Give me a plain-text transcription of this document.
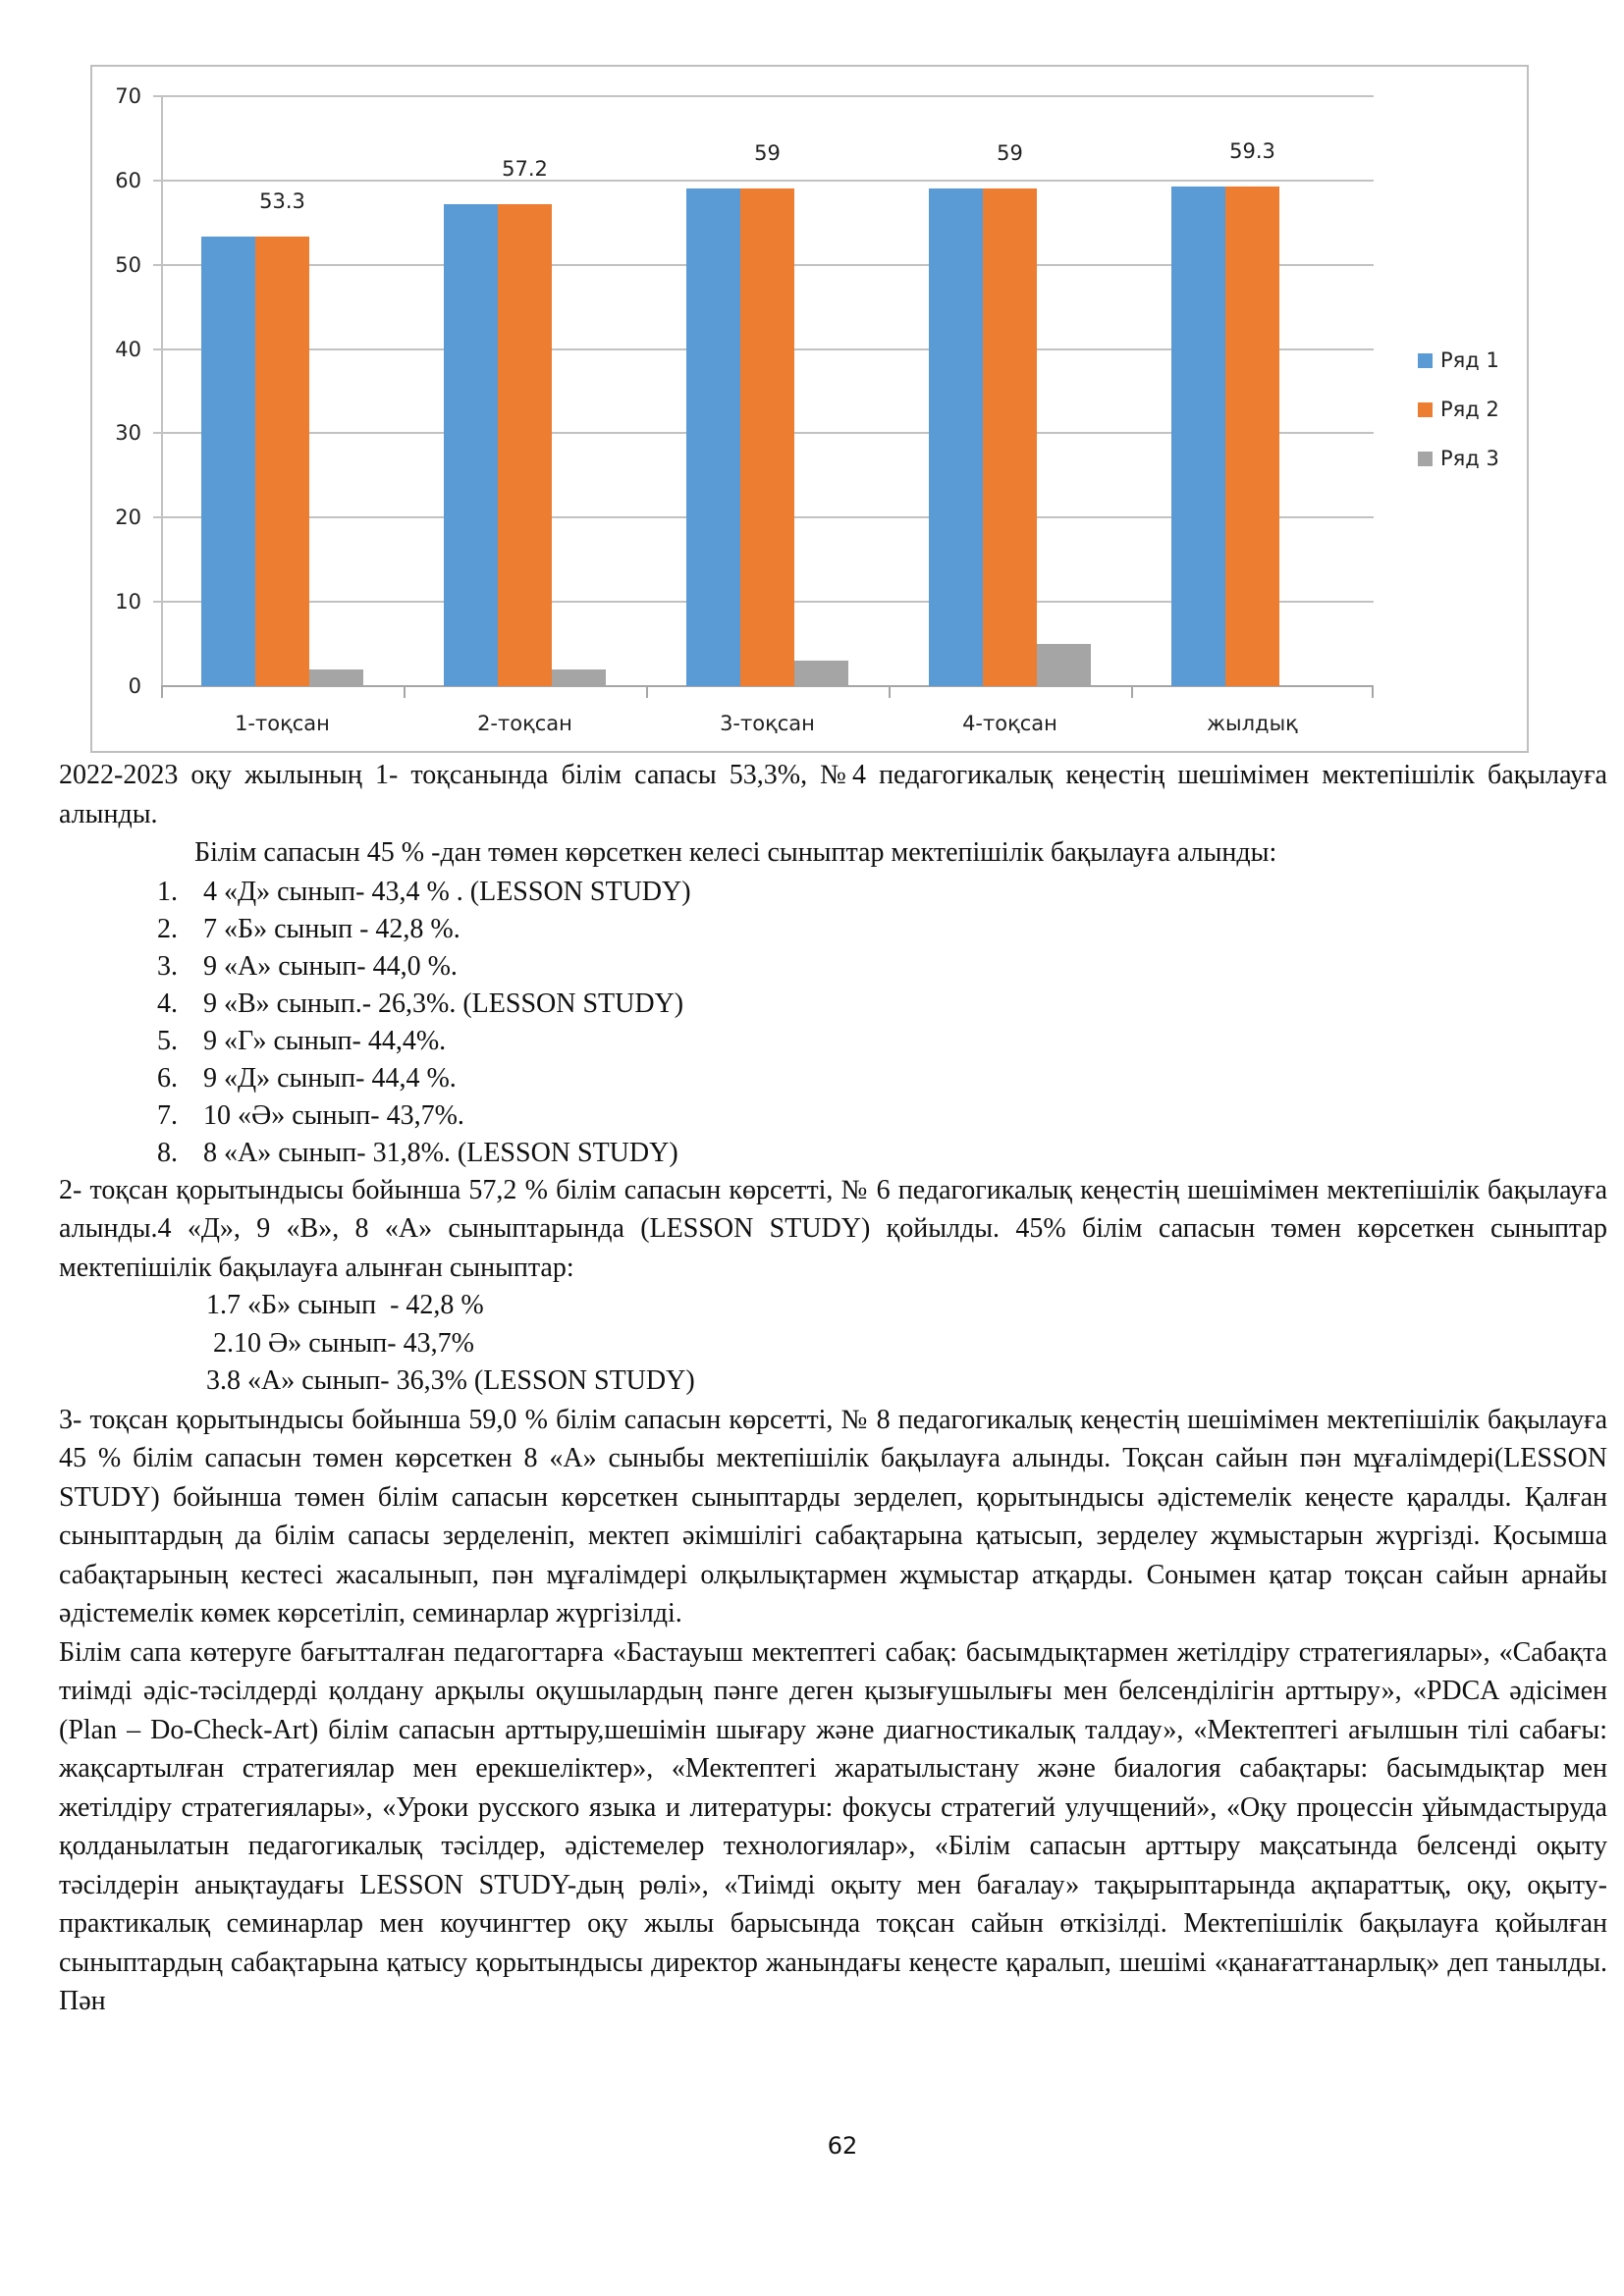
0
10
20
30
40
50
60
70
53.3
57.2
59	59	59.3
1-тоқсан	2-тоқсан	3-тоқсан	4-тоқсан	жылдық
Ряд 1
Ряд 2
Ряд 3

2022-2023 оқу жылының 1- тоқсанында білім сапасы 53,3%, №4 педагогикалық кеңестің шешімімен мектепішілік бақылауға алынды.

Білім сапасын 45 % -дан төмен көрсеткен келесі сыныптар мектепішілік бақылауға алынды:

1. 4 «Д» сынып- 43,4 % . (LESSON STUDY)
2. 7 «Б» сынып - 42,8 %.
3. 9 «А» сынып- 44,0 %.
4. 9 «В» сынып.- 26,3%. (LESSON STUDY)
5. 9 «Г» сынып- 44,4%.
6. 9 «Д» сынып- 44,4 %.
7. 10 «Ә» сынып- 43,7%.
8. 8 «А» сынып- 31,8%. (LESSON STUDY)

2- тоқсан қорытындысы бойынша 57,2 % білім сапасын көрсетті, № 6 педагогикалық кеңестің шешімімен мектепішілік бақылауға алынды.4 «Д», 9 «В», 8 «А» сыныптарында (LESSON STUDY) қойылды. 45% білім сапасын төмен көрсеткен сыныптар мектепішілік бақылауға алынған сыныптар:

1.7 «Б» сынып  - 42,8 %
2.10 Ә» сынып- 43,7%
3.8 «А» сынып- 36,3% (LESSON STUDY)

3- тоқсан қорытындысы бойынша 59,0 % білім сапасын көрсетті, № 8 педагогикалық кеңестің шешімімен мектепішілік бақылауға 45 % білім сапасын төмен көрсеткен 8 «А» сыныбы мектепішілік бақылауға алынды. Тоқсан сайын пән мұғалімдері(LESSON STUDY) бойынша төмен білім сапасын көрсеткен сыныптарды зерделеп, қорытындысы әдістемелік кеңесте қаралды. Қалған сыныптардың да білім сапасы зерделеніп, мектеп әкімшілігі сабақтарына қатысып, зерделеу жұмыстарын жүргізді. Қосымша сабақтарының кестесі жасалынып, пән мұғалімдері олқылықтармен жұмыстар атқарды. Сонымен қатар тоқсан сайын арнайы әдістемелік көмек көрсетіліп, семинарлар жүргізілді.

Білім сапа көтеруге бағытталған педагогтарға «Бастауыш мектептегі сабақ: басымдықтармен жетілдіру стратегиялары», «Сабақта тиімді әдіс-тәсілдерді қолдану арқылы оқушылардың пәнге деген қызығушылығы мен белсенділігін арттыру», «PDCA әдісімен (Plan – Do-Check-Art) білім сапасын арттыру,шешімін шығару және диагностикалық талдау», «Мектептегі ағылшын тілі сабағы: жақсартылған стратегиялар мен ерекшеліктер», «Мектептегі жаратылыстану және биалогия сабақтары: басымдықтар мен жетілдіру стратегиялары», «Уроки русского языка и литературы: фокусы стратегий улучщений», «Оқу процессін ұйымдастыруда қолданылатын педагогикалық тәсілдер, әдістемелер технологиялар», «Білім сапасын арттыру мақсатында белсенді оқыту тәсілдерін анықтаудағы LESSON STUDY-дың рөлі», «Тиімді оқыту мен бағалау» тақырыптарында ақпараттық, оқу, оқыту-практикалық семинарлар мен коучингтер оқу жылы барысында тоқсан сайын өткізілді. Мектепішілік бақылауға қойылған сыныптардың сабақтарына қатысу қорытындысы директор жанындағы кеңесте қаралып, шешімі «қанағаттанарлық» деп танылды. Пән

62
